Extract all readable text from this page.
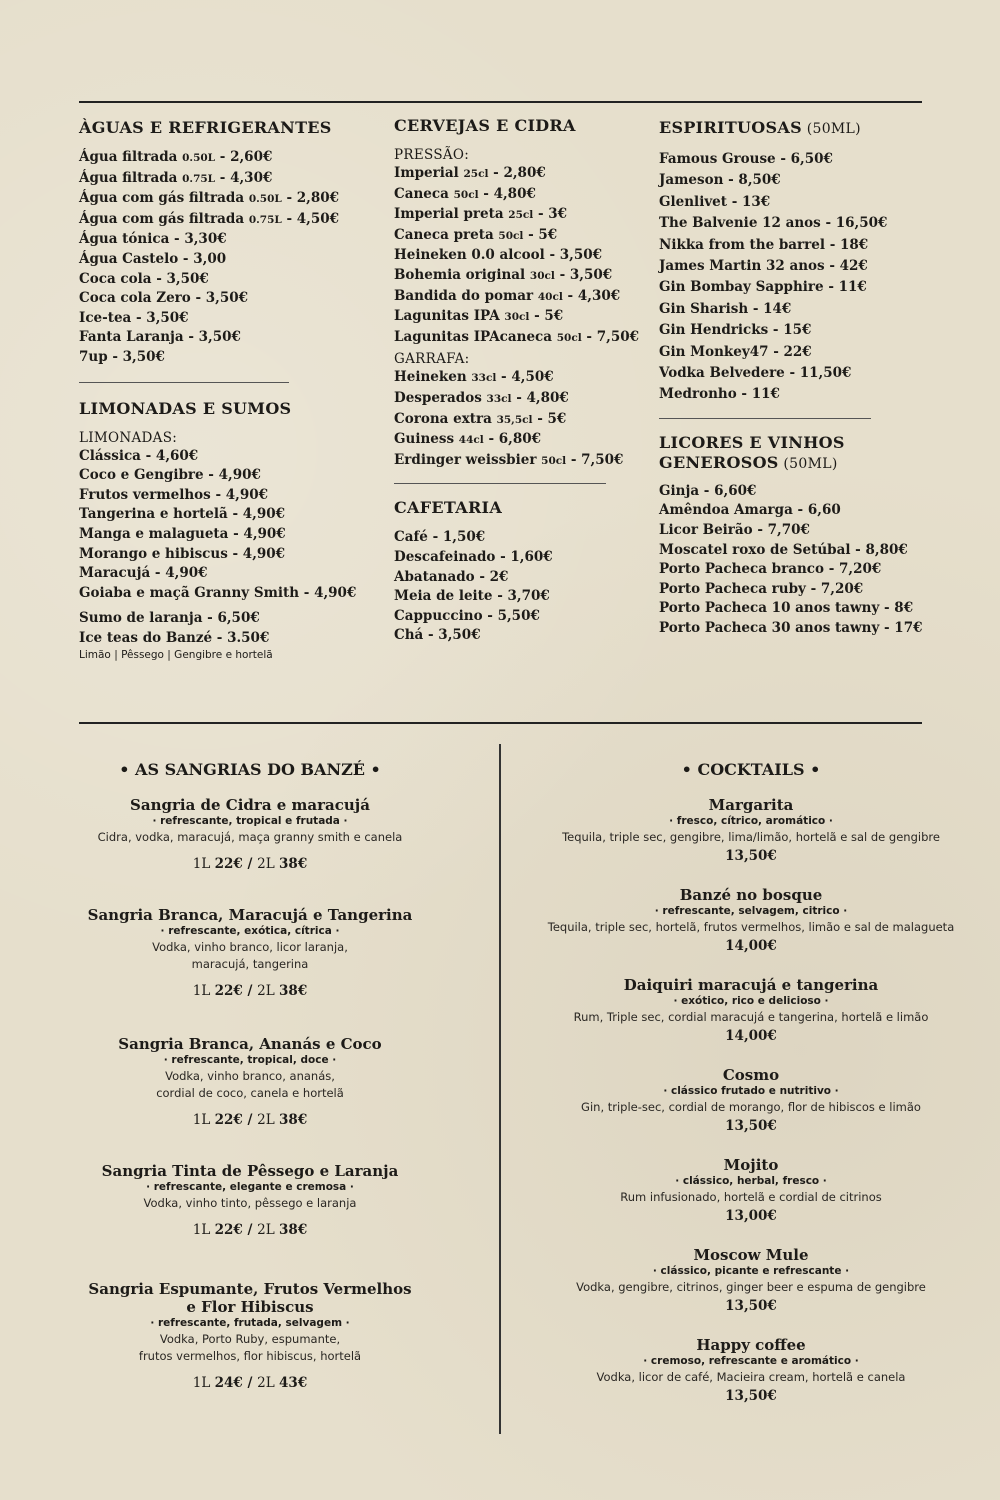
ÀGUAS E REFRIGERANTES
Água filtrada 0.50L - 2,60€
Água filtrada 0.75L - 4,30€
Água com gás filtrada 0.50L - 2,80€
Água com gás filtrada 0.75L - 4,50€
Água tónica - 3,30€
Água Castelo - 3,00
Coca cola - 3,50€
Coca cola Zero - 3,50€
Ice-tea - 3,50€
Fanta Laranja - 3,50€
7up - 3,50€
LIMONADAS E SUMOS
LIMONADAS:
Clássica - 4,60€
Coco e Gengibre - 4,90€
Frutos vermelhos - 4,90€
Tangerina e hortelã - 4,90€
Manga e malagueta - 4,90€
Morango e hibiscus - 4,90€
Maracujá - 4,90€
Goiaba e maçã Granny Smith - 4,90€
Sumo de laranja - 6,50€
Ice teas do Banzé - 3.50€
Limão | Pêssego | Gengibre e hortelã
CERVEJAS E CIDRA
PRESSÃO:
Imperial 25cl - 2,80€
Caneca 50cl - 4,80€
Imperial preta 25cl - 3€
Caneca preta 50cl - 5€
Heineken 0.0 alcool - 3,50€
Bohemia original 30cl - 3,50€
Bandida do pomar 40cl - 4,30€
Lagunitas IPA 30cl - 5€
Lagunitas IPAcaneca 50cl - 7,50€
GARRAFA:
Heineken 33cl - 4,50€
Desperados 33cl - 4,80€
Corona extra 35,5cl - 5€
Guiness 44cl - 6,80€
Erdinger weissbier 50cl - 7,50€
CAFETARIA
Café - 1,50€
Descafeinado - 1,60€
Abatanado - 2€
Meia de leite - 3,70€
Cappuccino - 5,50€
Chá - 3,50€
ESPIRITUOSAS (50ML)
Famous Grouse - 6,50€
Jameson - 8,50€
Glenlivet - 13€
The Balvenie 12 anos - 16,50€
Nikka from the barrel - 18€
James Martin 32 anos - 42€
Gin Bombay Sapphire - 11€
Gin Sharish - 14€
Gin Hendricks - 15€
Gin Monkey47 - 22€
Vodka Belvedere - 11,50€
Medronho - 11€
LICORES E VINHOS
GENEROSOS (50ML)
Ginja - 6,60€
Amêndoa Amarga - 6,60
Licor Beirão - 7,70€
Moscatel roxo de Setúbal - 8,80€
Porto Pacheca branco - 7,20€
Porto Pacheca ruby - 7,20€
Porto Pacheca 10 anos tawny - 8€
Porto Pacheca 30 anos tawny - 17€
• AS SANGRIAS DO BANZÉ •
Sangria de Cidra e maracujá
· refrescante, tropical e frutada ·
Cidra, vodka, maracujá, maça granny smith e canela
1L 22€ / 2L 38€
Sangria Branca, Maracujá e Tangerina
· refrescante, exótica, cítrica ·
Vodka, vinho branco, licor laranja,
maracujá, tangerina
1L 22€ / 2L 38€
Sangria Branca, Ananás e Coco
· refrescante, tropical, doce ·
Vodka, vinho branco, ananás,
cordial de coco, canela e hortelã
1L 22€ / 2L 38€
Sangria Tinta de Pêssego e Laranja
· refrescante, elegante e cremosa ·
Vodka, vinho tinto, pêssego e laranja
1L 22€ / 2L 38€
Sangria Espumante, Frutos Vermelhos
e Flor Hibiscus
· refrescante, frutada, selvagem ·
Vodka, Porto Ruby, espumante,
frutos vermelhos, flor hibiscus, hortelã
1L 24€ / 2L 43€
• COCKTAILS •
Margarita
· fresco, cítrico, aromático ·
Tequila, triple sec, gengibre, lima/limão, hortelã e sal de gengibre
13,50€
Banzé no bosque
· refrescante, selvagem, citrico ·
Tequila, triple sec, hortelã, frutos vermelhos, limão e sal de malagueta
14,00€
Daiquiri maracujá e tangerina
· exótico, rico e delicioso ·
Rum, Triple sec, cordial maracujá e tangerina, hortelã e limão
14,00€
Cosmo
· clássico frutado e nutritivo ·
Gin, triple-sec, cordial de morango, flor de hibiscos e limão
13,50€
Mojito
· clássico, herbal, fresco ·
Rum infusionado, hortelã e cordial de citrinos
13,00€
Moscow Mule
· clássico, picante e refrescante ·
Vodka, gengibre, citrinos, ginger beer e espuma de gengibre
13,50€
Happy coffee
· cremoso, refrescante e aromático ·
Vodka, licor de café, Macieira cream, hortelã e canela
13,50€
